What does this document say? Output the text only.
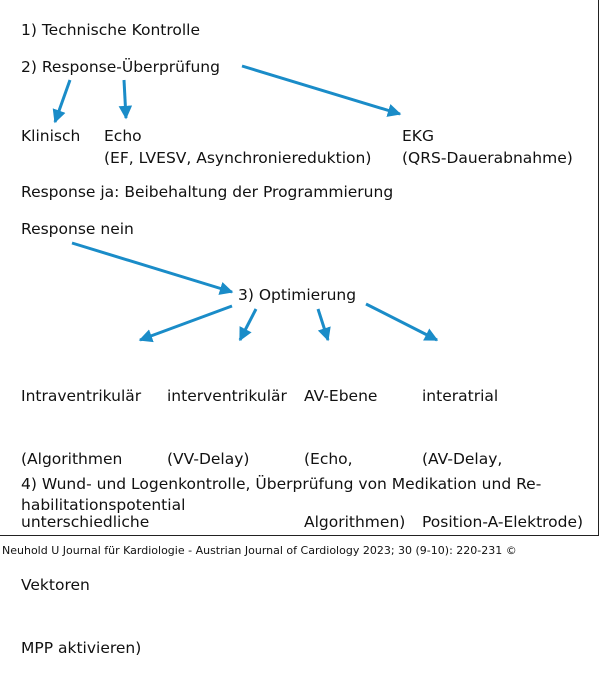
1) Technische Kontrolle
2) Response-Überprüfung
Klinisch Echo
(EF, LVESV, Asynchroniereduktion)
EKG
(QRS-Dauerabnahme)
Response ja: Beibehaltung der Programmierung
Response nein
3) Optimierung

Intraventrikulär

(Algorithmen

unterschiedliche

Vektoren

MPP aktivieren)

interventrikulär

(VV-Delay)

AV-Ebene

(Echo,

Algorithmen)

interatrial

(AV-Delay,

Position-A-Elektrode)

4) Wund- und Logenkontrolle, Überprüfung von Medikation und Re-
habilitationspotential
Neuhold U Journal für Kardiologie - Austrian Journal of Cardiology 2023; 30 (9-10): 220-231 ©
